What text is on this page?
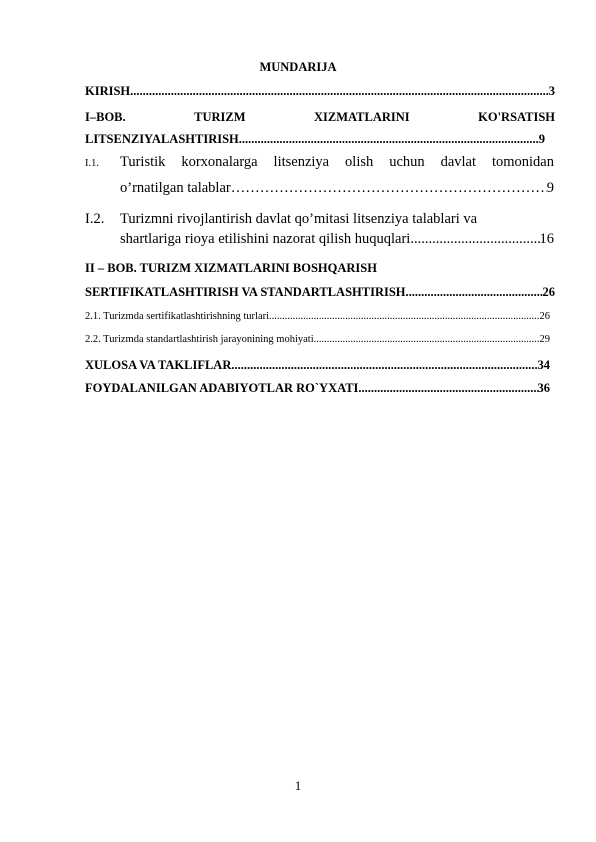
MUNDARIJA
KIRISH .....	3
I–BOB.	TURIZM	XIZMATLARINI	KO'RSATISH
LITSENZIYALASHTIRISH .....	9
I.1. Turistik korxonalarga litsenziya olish uchun davlat tomonidan
o’rnatilgan talablar ……………………………………………………………………………………………………………………………………	9
I.2. Turizmni rivojlantirish davlat qo’mitasi litsenziya talablari va
shartlariga rioya etilishini nazorat qilish huquqlari .....	16
II – BOB. TURIZM XIZMATLARINI BOSHQARISH
SERTIFIKATLASHTIRISH VA STANDARTLASHTIRISH .....	26
2.1. Turizmda sertifikatlashtirishning turlari .....	26
2.2. Turizmda standartlashtirish jarayonining mohiyati .....	29
XULOSA VA TAKLIFLAR .....	34
FOYDALANILGAN ADABIYOTLAR RO`YXATI .....	36
1
